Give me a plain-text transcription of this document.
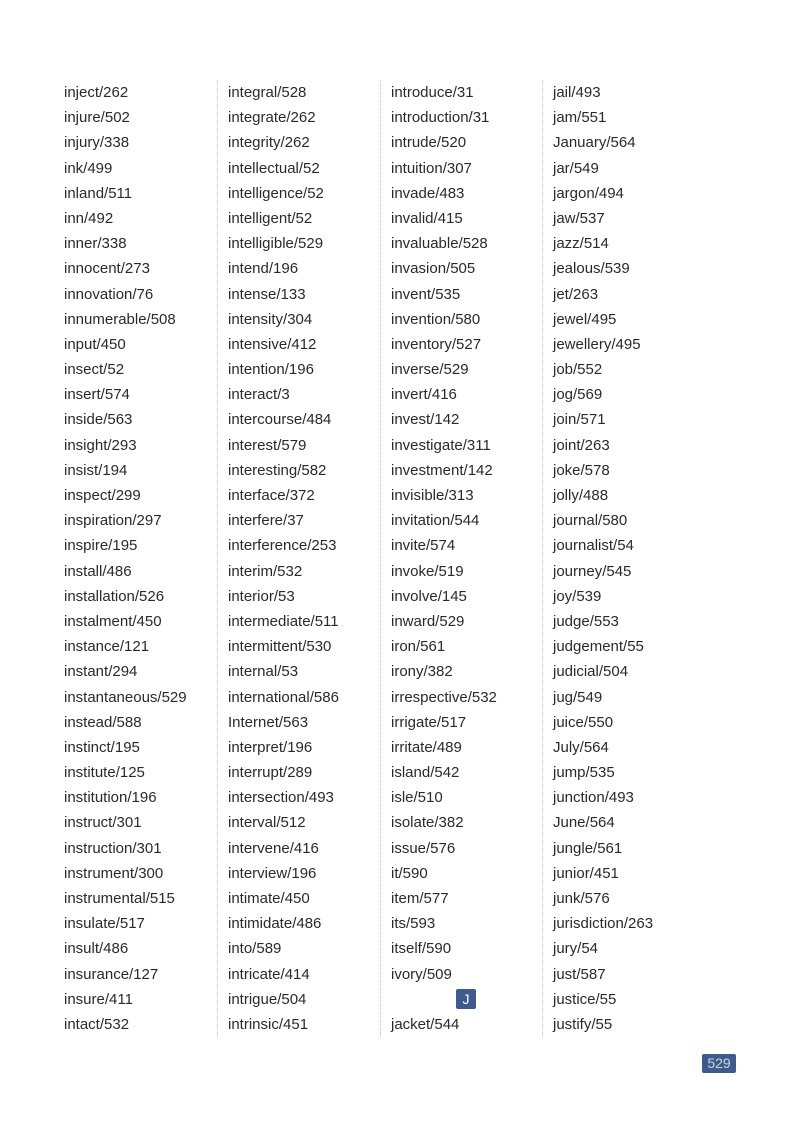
inject/262
injure/502
injury/338
ink/499
inland/511
inn/492
inner/338
innocent/273
innovation/76
innumerable/508
input/450
insect/52
insert/574
inside/563
insight/293
insist/194
inspect/299
inspiration/297
inspire/195
install/486
installation/526
instalment/450
instance/121
instant/294
instantaneous/529
instead/588
instinct/195
institute/125
institution/196
instruct/301
instruction/301
instrument/300
instrumental/515
insulate/517
insult/486
insurance/127
insure/411
intact/532
integral/528
integrate/262
integrity/262
intellectual/52
intelligence/52
intelligent/52
intelligible/529
intend/196
intense/133
intensity/304
intensive/412
intention/196
interact/3
intercourse/484
interest/579
interesting/582
interface/372
interfere/37
interference/253
interim/532
interior/53
intermediate/511
intermittent/530
internal/53
international/586
Internet/563
interpret/196
interrupt/289
intersection/493
interval/512
intervene/416
interview/196
intimate/450
intimidate/486
into/589
intricate/414
intrigue/504
intrinsic/451
introduce/31
introduction/31
intrude/520
intuition/307
invade/483
invalid/415
invaluable/528
invasion/505
invent/535
invention/580
inventory/527
inverse/529
invert/416
invest/142
investigate/311
investment/142
invisible/313
invitation/544
invite/574
invoke/519
involve/145
inward/529
iron/561
irony/382
irrespective/532
irrigate/517
irritate/489
island/542
isle/510
isolate/382
issue/576
it/590
item/577
its/593
itself/590
ivory/509
J
jacket/544
jail/493
jam/551
January/564
jar/549
jargon/494
jaw/537
jazz/514
jealous/539
jet/263
jewel/495
jewellery/495
job/552
jog/569
join/571
joint/263
joke/578
jolly/488
journal/580
journalist/54
journey/545
joy/539
judge/553
judgement/55
judicial/504
jug/549
juice/550
July/564
jump/535
junction/493
June/564
jungle/561
junior/451
junk/576
jurisdiction/263
jury/54
just/587
justice/55
justify/55
529
